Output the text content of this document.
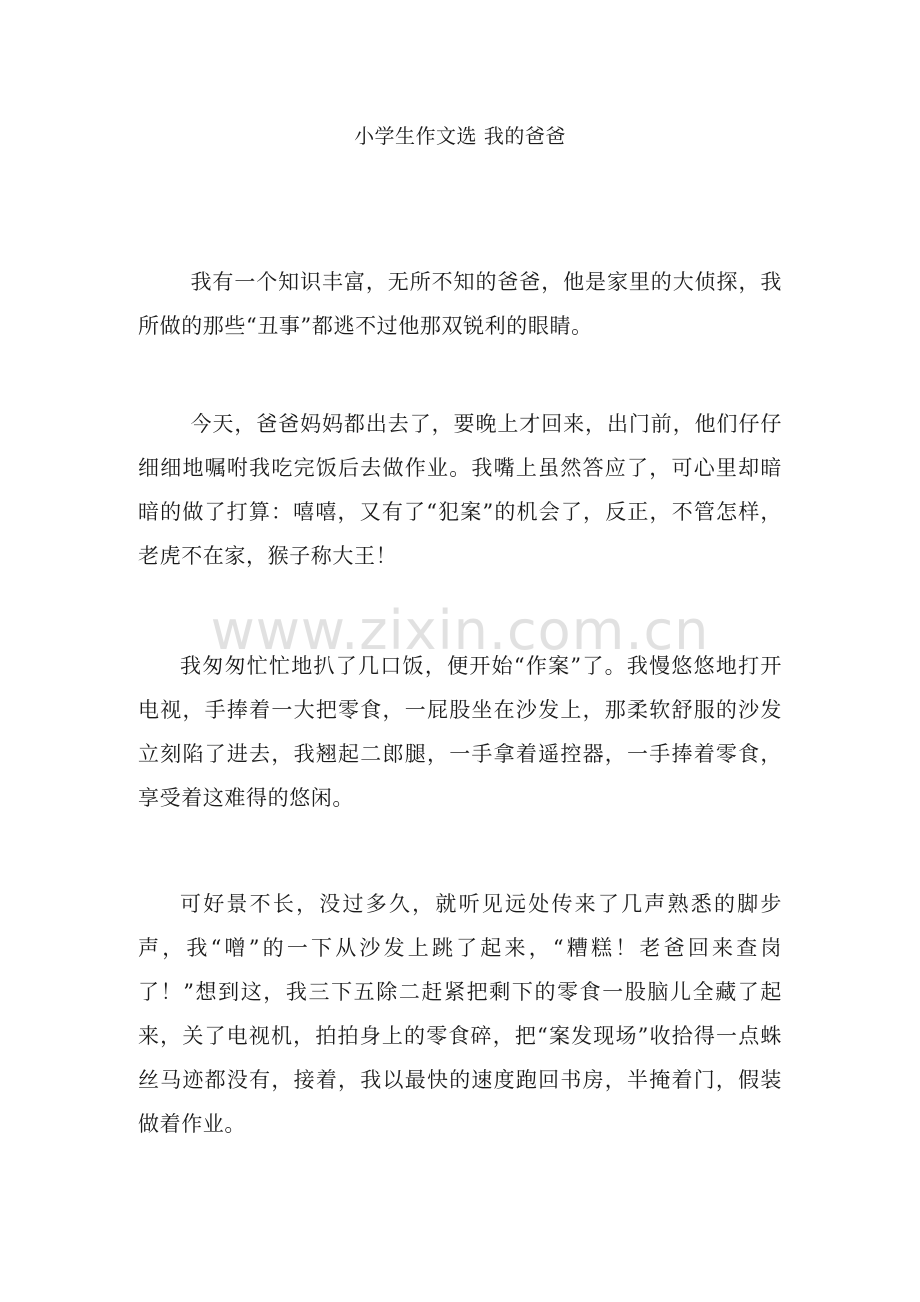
小学生作文选 我的爸爸

我有一个知识丰富，无所不知的爸爸，他是家里的大侦探，我所做的那些“丑事”都逃不过他那双锐利的眼睛。

今天，爸爸妈妈都出去了，要晚上才回来，出门前，他们仔仔细细地嘱咐我吃完饭后去做作业。我嘴上虽然答应了，可心里却暗暗的做了打算：嘻嘻，又有了“犯案”的机会了，反正，不管怎样，老虎不在家，猴子称大王！

我匆匆忙忙地扒了几口饭，便开始“作案”了。我慢悠悠地打开电视，手捧着一大把零食，一屁股坐在沙发上，那柔软舒服的沙发立刻陷了进去，我翘起二郎腿，一手拿着遥控器，一手捧着零食，享受着这难得的悠闲。

可好景不长，没过多久，就听见远处传来了几声熟悉的脚步声，我“噌”的一下从沙发上跳了起来，“糟糕！老爸回来查岗了！”想到这，我三下五除二赶紧把剩下的零食一股脑儿全藏了起来，关了电视机，拍拍身上的零食碎，把“案发现场”收拾得一点蛛丝马迹都没有，接着，我以最快的速度跑回书房，半掩着门，假装做着作业。

www.zixin.com.cn
